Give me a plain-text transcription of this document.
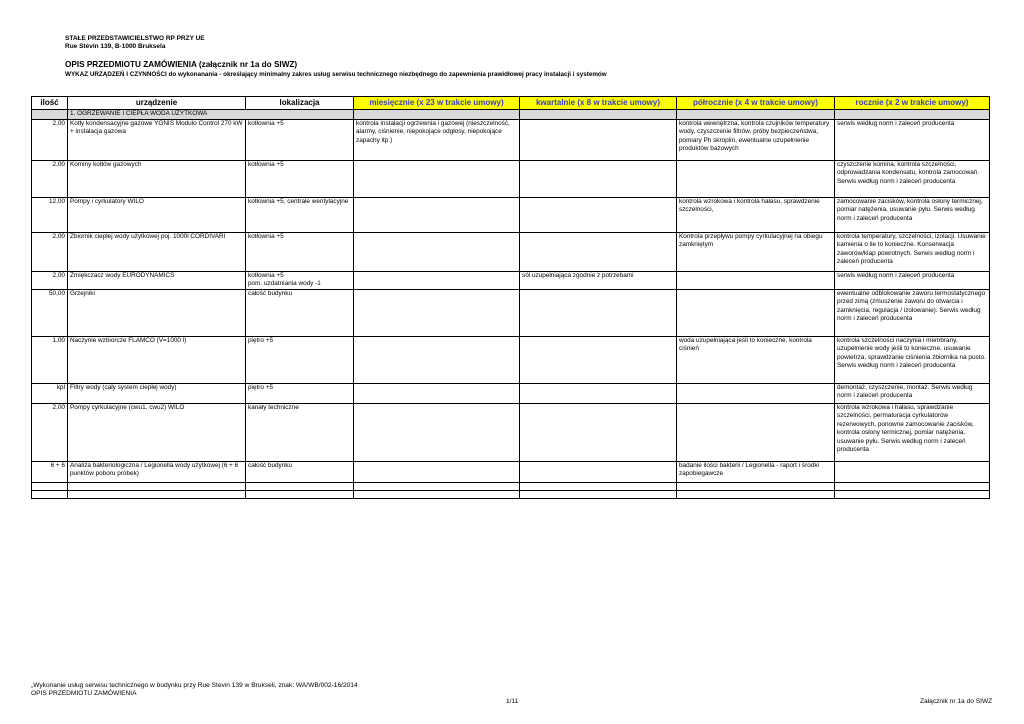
STAŁE PRZEDSTAWICIELSTWO RP PRZY UE
Rue Stévin 139, B-1000 Bruksela
OPIS PRZEDMIOTU ZAMÓWIENIA (załącznik nr 1a do SIWZ)
WYKAZ URZĄDZEŃ I CZYNNOŚCI do wykonanania - określający minimalny zakres usług serwisu technicznego niezbędnego do zapewnienia prawidłowej pracy instalacji i systemów
ilość	urządzenie	lokalizacja	miesięcznie (x 23 w trakcie umowy)	kwartalnie (x 8 w trakcie umowy)	półrocznie (x 4 w trakcie umowy)	rocznie (x 2 w trakcie umowy)
	1. OGRZEWANIE I CIEPŁA WODA UŻYTKOWA					
2,00	Kotły kondensacyjne gazowe YGNIS Modulo Control 270 kW + instalacja gazowa	kotłownia +5	kontrola instalacji ogrzewnia i gazowej (nieszczelność, alarmy, ciśnienie, niepokojące odgłosy, niepokojące zapachy itp.)		kontrola wewnętrzna, kontrola czujników temperatury wody, czyszczenie filtrów, próby bezpieczeństwa, pomiary Ph skroplin, ewentualne uzupełnienie produktów bazowych	serwis według norm i zaleceń producenta
2,00	Kominy kotłów gazowych	kotłownia +5				czyszczenie komina, kontrola szczelności, odprowadzania kondensatu, kontrola zamocowań. Serwis według norm i zaleceń producenta
12,00	Pompy i cyrkulatory WILO	kotłownia +5, centrale wentylacyjne			kontrola wzrokowa i kontrola hałasu, sprawdzenie szczelności,	zamocowanie zacisków, kontrola osłony termicznej, pomiar natężenia, usuwanie pyłu. Serwis według norm i zaleceń producenta
2,00	Zbiornik ciepłej wody użytkowej poj. 1000l CORDIVARI	kotłownia +5			Kontrola przepływu pompy cyrkulacyjnej na obiegu zamkniętym	kontrola temperatury, szczelności, izolacji. Usuwanie kamienia o ile to konieczne. Konserwacja zaworów/klap powrotnych. Serwis według norm i zaleceń producenta
2,00	Zmiękczacz wody EURODYNAMICS	kotłownia +5
pom. uzdatniania wody -1		sól uzupełniająca zgodnie z potrzebami		serwis według norm i zaleceń producenta
50,00	Grzejniki	całość budynku				ewentualne odblokowanie zaworu termostatycznego przed zimą (zmuszenie zaworu do otwarcia i zamknięcia, regulacja / izolowanie). Serwis według norm i zaleceń producenta
1,00	Naczynie wzbiorcze FLAMCO (V=1000 l)	piętro +5			woda uzupełniająca jeśli to konieczne, kontrola ciśnień	kontrola szczelności naczynia i membrany, uzupełnienie wody jeśli to konieczne, usuwanie powietrza, sprawdzanie ciśnienia zbiornika na pusto. Serwis według norm i zaleceń producenta
kpl	Filtry wody (cały system ciepłej wody)	piętro +5				demontaż, czyszczenie, montaż. Serwis według norm i zaleceń producenta
2,00	Pompy cyrkulacyjne (cwu1, cwu2) WILO	kanały techniczne				kontrola wzrokowa i hałasu, sprawdzanie szczelności, permaturacja cyrkulatorów rezerwowych, ponowne zamocowanie zacisków, kontrola osłony termicznej, pomiar natężenia, usuwanie pyłu. Serwis według norm i zaleceń producenta
6 + 6	Analiza bakteriologiczna / Legionella wody użytkowej (6 + 6 punktów poboru próbek)	całość budynku			badanie ilości bakterii / Legionella - raport i środki zapobiegawcze	

„Wykonanie usług serwisu technicznego w budynku przy Rue Stevin 139 w Brukseli, znak: WA/WB/002-16/2014
OPIS PRZEDMIOTU ZAMÓWIENIA
1/11	Załącznik nr 1a do SIWZ
